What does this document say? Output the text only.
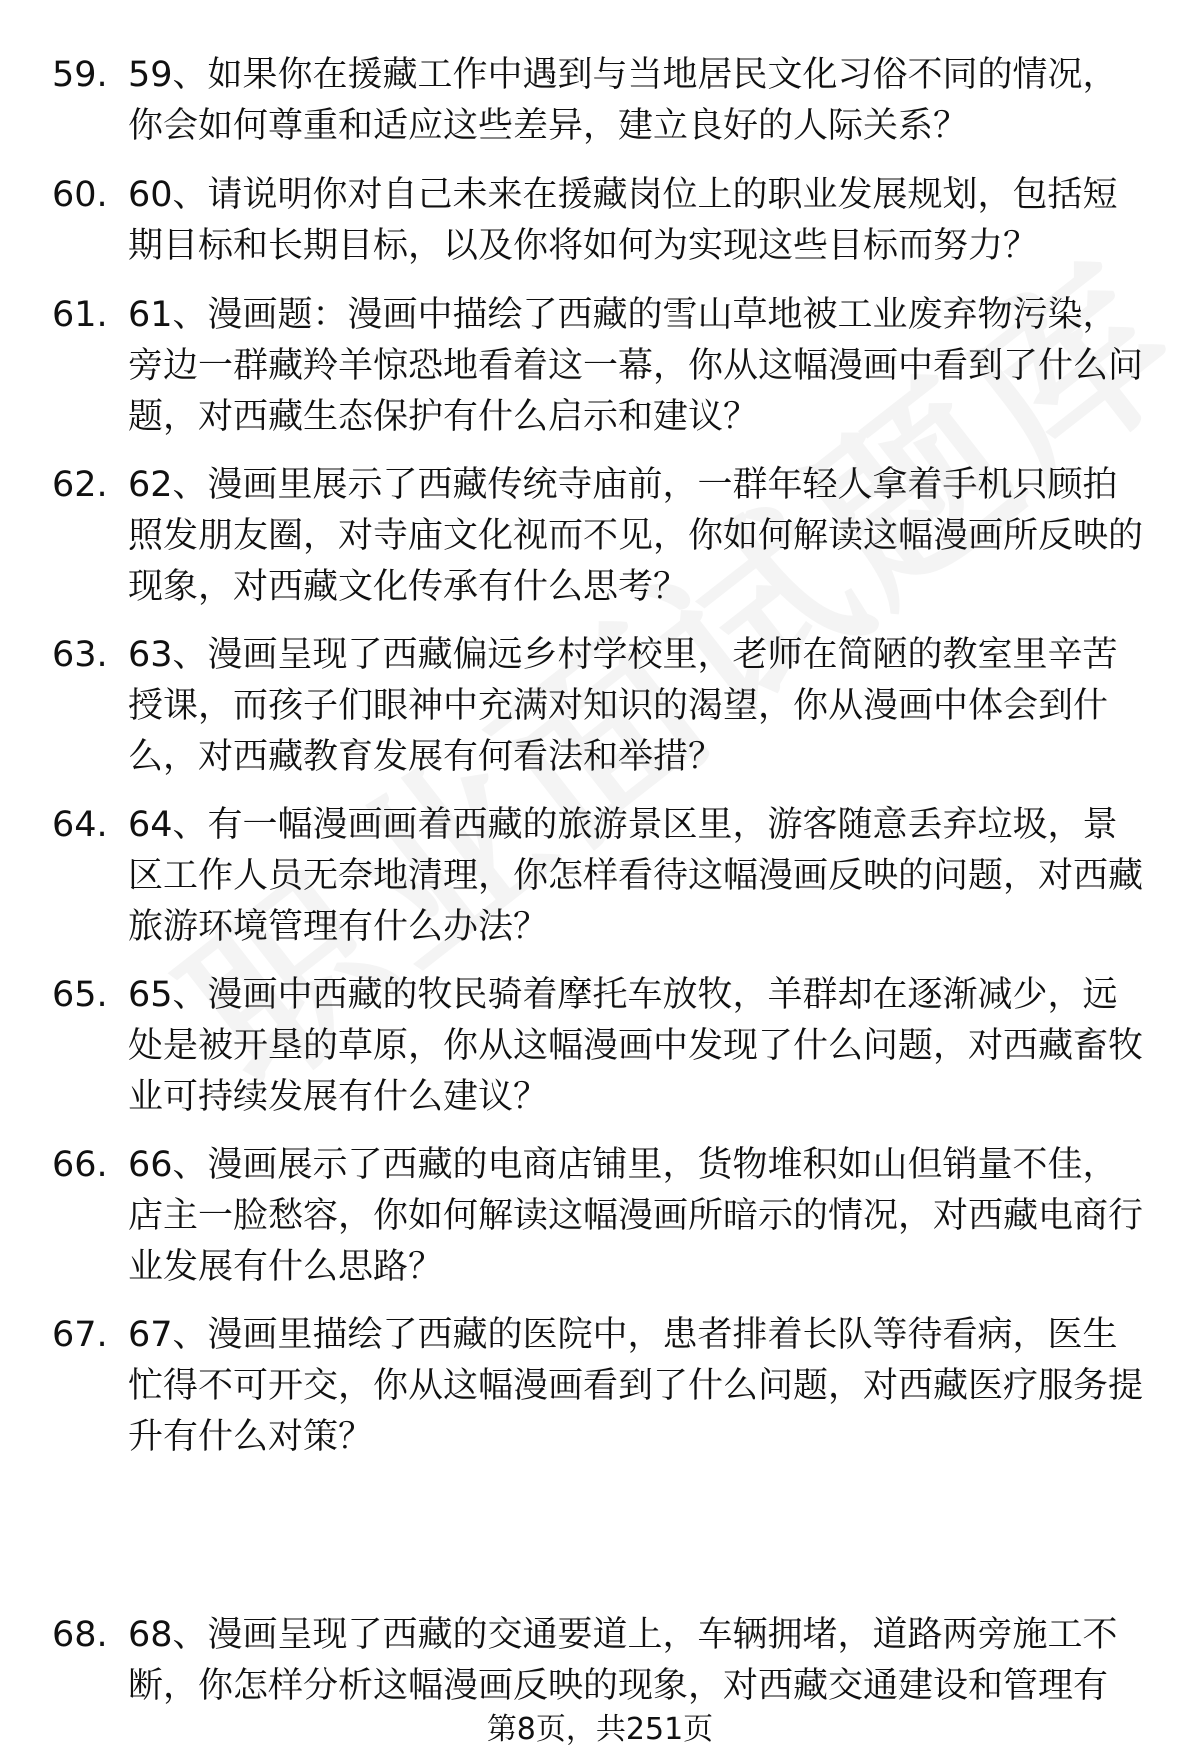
59. 59、如果你在援藏工作中遇到与当地居民文化习俗不同的情况，你会如何尊重和适应这些差异，建立良好的人际关系？
60. 60、请说明你对自己未来在援藏岗位上的职业发展规划，包括短期目标和长期目标，以及你将如何为实现这些目标而努力？
61. 61、漫画题：漫画中描绘了西藏的雪山草地被工业废弃物污染，旁边一群藏羚羊惊恐地看着这一幕，你从这幅漫画中看到了什么问题，对西藏生态保护有什么启示和建议？
62. 62、漫画里展示了西藏传统寺庙前，一群年轻人拿着手机只顾拍照发朋友圈，对寺庙文化视而不见，你如何解读这幅漫画所反映的现象，对西藏文化传承有什么思考？
63. 63、漫画呈现了西藏偏远乡村学校里，老师在简陋的教室里辛苦授课，而孩子们眼神中充满对知识的渴望，你从漫画中体会到什么，对西藏教育发展有何看法和举措？
64. 64、有一幅漫画画着西藏的旅游景区里，游客随意丢弃垃圾，景区工作人员无奈地清理，你怎样看待这幅漫画反映的问题，对西藏旅游环境管理有什么办法？
65. 65、漫画中西藏的牧民骑着摩托车放牧，羊群却在逐渐减少，远处是被开垦的草原，你从这幅漫画中发现了什么问题，对西藏畜牧业可持续发展有什么建议？
66. 66、漫画展示了西藏的电商店铺里，货物堆积如山但销量不佳，店主一脸愁容，你如何解读这幅漫画所暗示的情况，对西藏电商行业发展有什么思路？
67. 67、漫画里描绘了西藏的医院中，患者排着长队等待看病，医生忙得不可开交，你从这幅漫画看到了什么问题，对西藏医疗服务提升有什么对策？
68. 68、漫画呈现了西藏的交通要道上，车辆拥堵，道路两旁施工不断，你怎样分析这幅漫画反映的现象，对西藏交通建设和管理有
第8页，共251页
